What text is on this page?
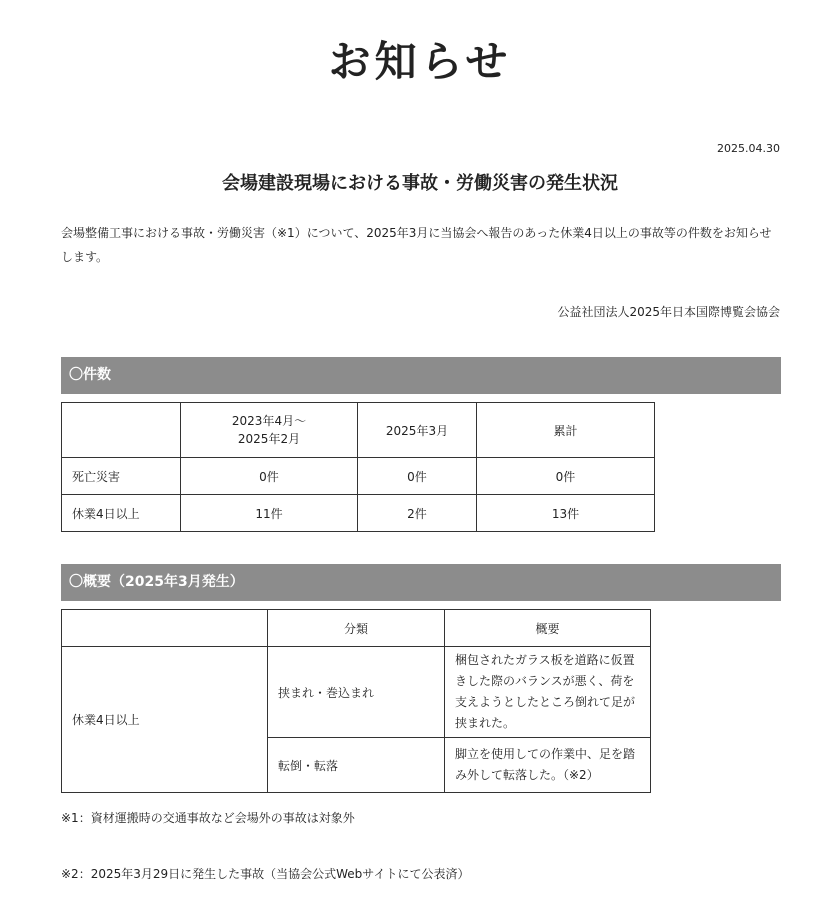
お知らせ
2025.04.30
会場建設現場における事故・労働災害の発生状況

会場整備工事における事故・労働災害（※1）について、2025年3月に当協会へ報告のあった休業4日以上の事故等の件数をお知らせします。

公益社団法人2025年日本国際博覧会協会
〇件数
	2023年4月～
2025年2月	2025年3月	累計
死亡災害	0件	0件	0件
休業4日以上	11件	2件	13件
〇概要（2025年3月発生）
	分類	概要
休業4日以上	挟まれ・巻込まれ	梱包されたガラス板を道路に仮置きした際のバランスが悪く、荷を支えようとしたところ倒れて足が挟まれた。
	転倒・転落	脚立を使用しての作業中、足を踏み外して転落した。（※2）
※1：資材運搬時の交通事故など会場外の事故は対象外
※2：2025年3月29日に発生した事故（当協会公式Webサイトにて公表済）
